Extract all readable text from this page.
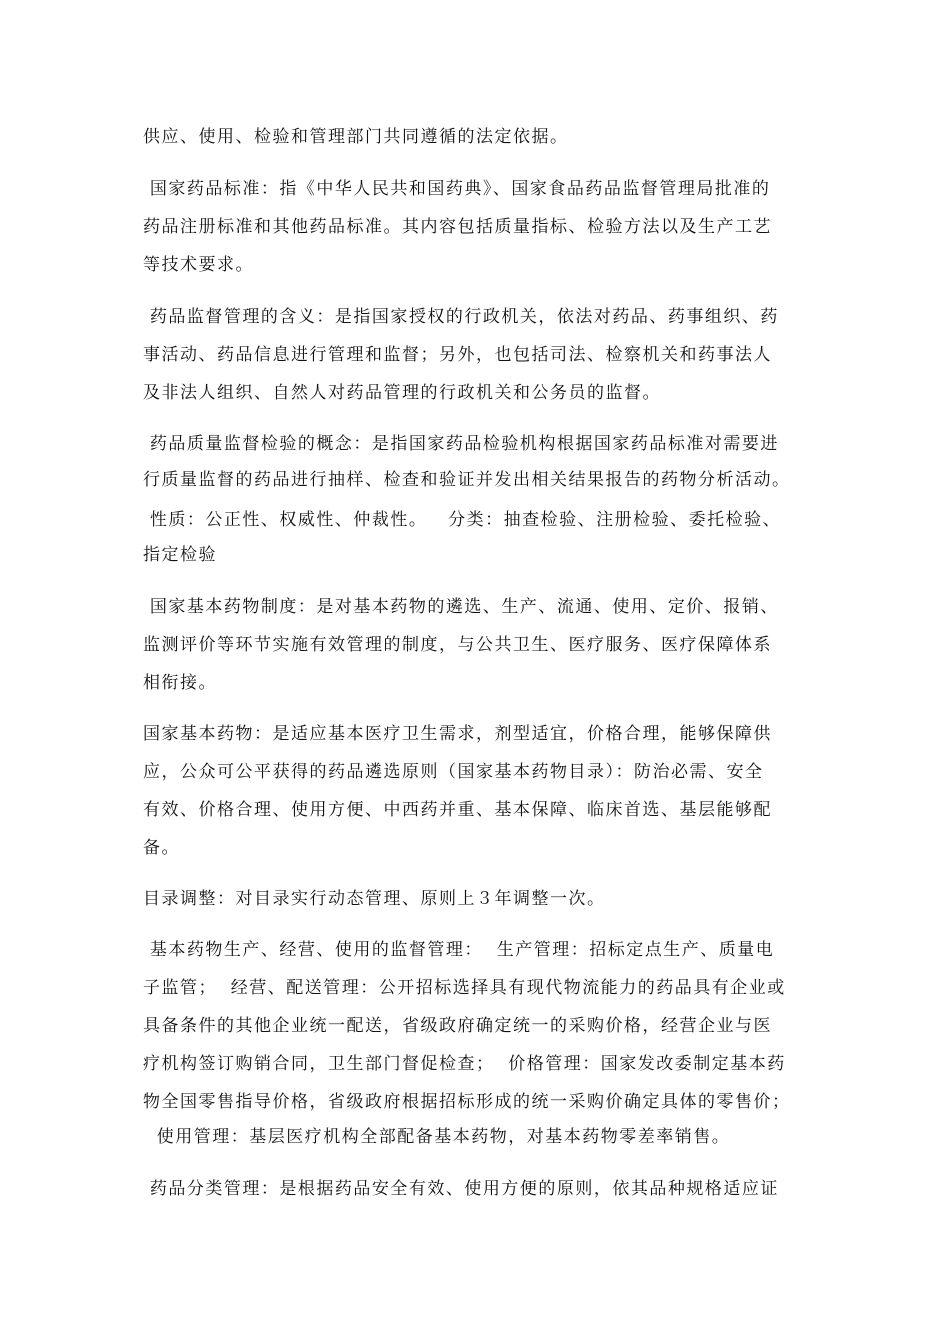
供应、使用、检验和管理部门共同遵循的法定依据。
国家药品标准：指《中华人民共和国药典》、国家食品药品监督管理局批准的
药品注册标准和其他药品标准。其内容包括质量指标、检验方法以及生产工艺
等技术要求。
药品监督管理的含义：是指国家授权的行政机关，依法对药品、药事组织、药
事活动、药品信息进行管理和监督；另外，也包括司法、检察机关和药事法人
及非法人组织、自然人对药品管理的行政机关和公务员的监督。
药品质量监督检验的概念：是指国家药品检验机构根据国家药品标准对需要进
行质量监督的药品进行抽样、检查和验证并发出相关结果报告的药物分析活动。
性质：公正性、权威性、仲裁性。   分类：抽查检验、注册检验、委托检验、
指定检验
国家基本药物制度：是对基本药物的遴选、生产、流通、使用、定价、报销、
监测评价等环节实施有效管理的制度，与公共卫生、医疗服务、医疗保障体系
相衔接。
国家基本药物：是适应基本医疗卫生需求，剂型适宜，价格合理，能够保障供
应，公众可公平获得的药品遴选原则（国家基本药物目录）：防治必需、安全
有效、价格合理、使用方便、中西药并重、基本保障、临床首选、基层能够配
备。
目录调整：对目录实行动态管理、原则上３年调整一次。
基本药物生产、经营、使用的监督管理：  生产管理：招标定点生产、质量电
子监管；  经营、配送管理：公开招标选择具有现代物流能力的药品具有企业或
具备条件的其他企业统一配送，省级政府确定统一的采购价格，经营企业与医
疗机构签订购销合同，卫生部门督促检查；  价格管理：国家发改委制定基本药
物全国零售指导价格，省级政府根据招标形成的统一采购价确定具体的零售价；
使用管理：基层医疗机构全部配备基本药物，对基本药物零差率销售。
药品分类管理：是根据药品安全有效、使用方便的原则，依其品种规格适应证
